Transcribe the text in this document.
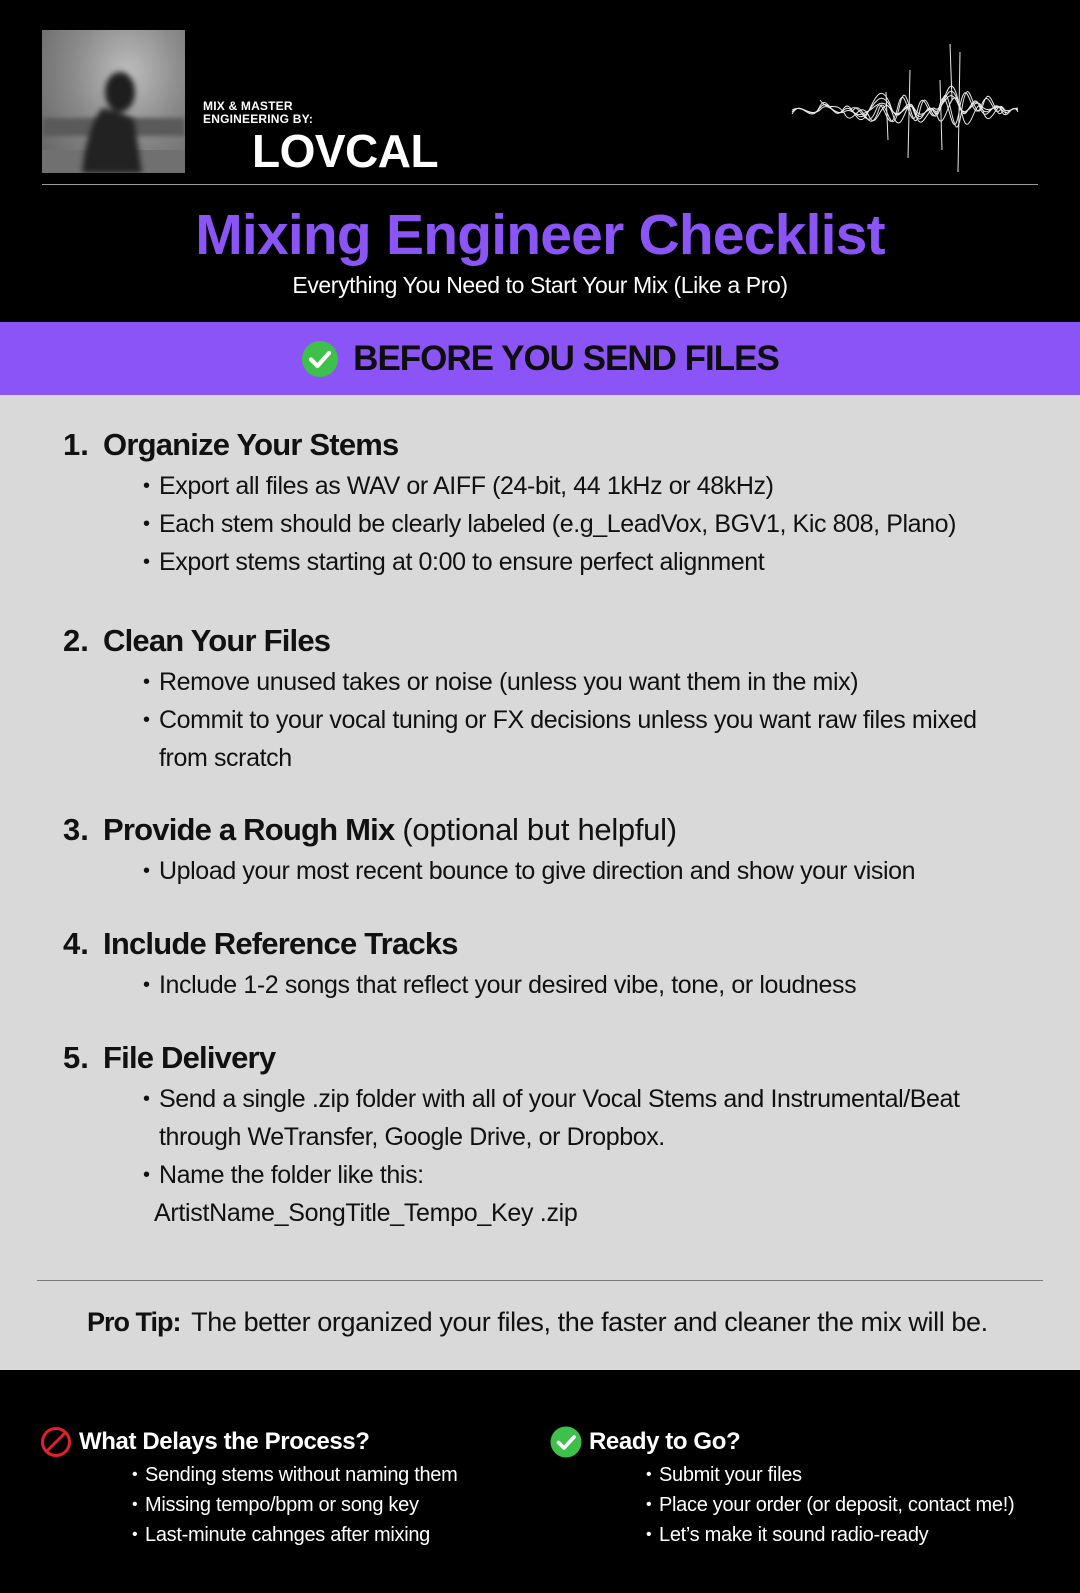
MIX & MASTER
ENGINEERING BY:
LOVCAL
Mixing Engineer Checklist
Everything You Need to Start Your Mix (Like a Pro)
BEFORE YOU SEND FILES
1. Organize Your Stems
• Export all files as WAV or AIFF (24-bit, 44 1kHz or 48kHz)
• Each stem should be clearly labeled (e.g_LeadVox, BGV1, Kic 808, Plano)
• Export stems starting at 0:00 to ensure perfect alignment
2. Clean Your Files
• Remove unused takes or noise (unless you want them in the mix)
• Commit to your vocal tuning or FX decisions unless you want raw files mixed from scratch
3. Provide a Rough Mix (optional but helpful)
• Upload your most recent bounce to give direction and show your vision
4. Include Reference Tracks
• Include 1-2 songs that reflect your desired vibe, tone, or loudness
5. File Delivery
• Send a single .zip folder with all of your Vocal Stems and Instrumental/Beat through WeTransfer, Google Drive, or Dropbox.
• Name the folder like this:
ArtistName_SongTitle_Tempo_Key .zip
Pro Tip: The better organized your files, the faster and cleaner the mix will be.
What Delays the Process?
• Sending stems without naming them
• Missing tempo/bpm or song key
• Last-minute cahnges after mixing
Ready to Go?
• Submit your files
• Place your order (or deposit, contact me!)
• Let’s make it sound radio-ready
